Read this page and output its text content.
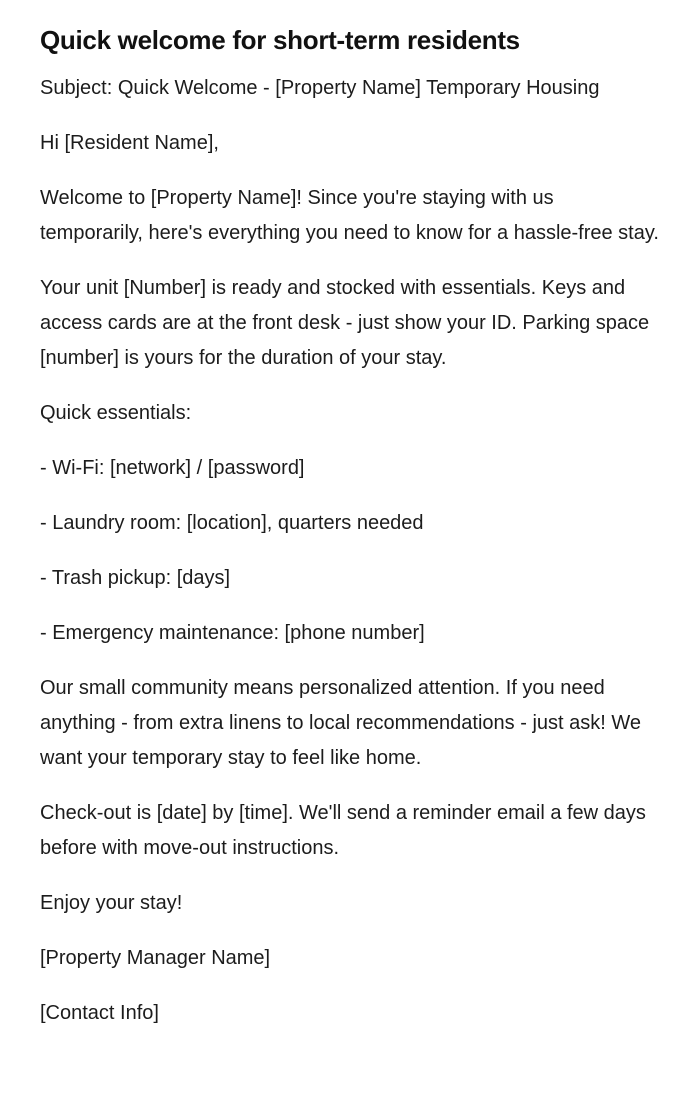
Quick welcome for short-term residents

Subject: Quick Welcome - [Property Name] Temporary Housing

Hi [Resident Name],

Welcome to [Property Name]! Since you're staying with us temporarily, here's everything you need to know for a hassle-free stay.

Your unit [Number] is ready and stocked with essentials. Keys and access cards are at the front desk - just show your ID. Parking space [number] is yours for the duration of your stay.

Quick essentials:

- Wi-Fi: [network] / [password]

- Laundry room: [location], quarters needed

- Trash pickup: [days]

- Emergency maintenance: [phone number]

Our small community means personalized attention. If you need anything - from extra linens to local recommendations - just ask! We want your temporary stay to feel like home.

Check-out is [date] by [time]. We'll send a reminder email a few days before with move-out instructions.

Enjoy your stay!

[Property Manager Name]

[Contact Info]
